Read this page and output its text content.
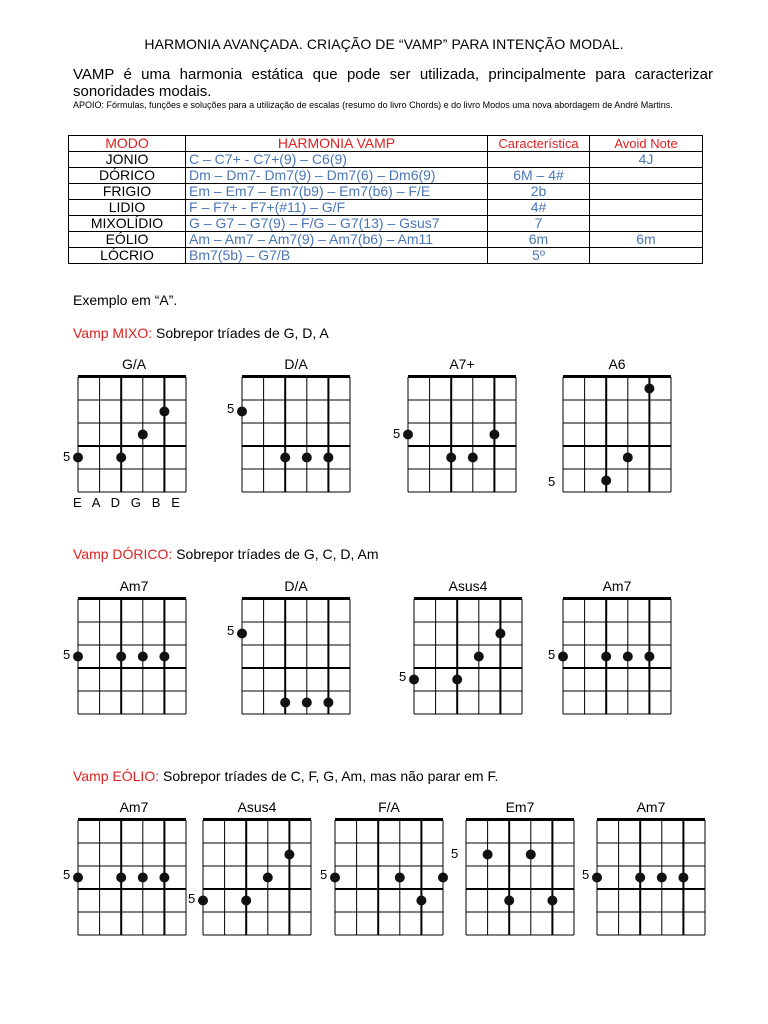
HARMONIA AVANÇADA. CRIAÇÃO DE “VAMP” PARA INTENÇÃO MODAL.
VAMP é uma harmonia estática que pode ser utilizada, principalmente para caracterizar sonoridades modais.
APOIO: Fórmulas, funções e soluções para a utilização de escalas (resumo do livro Chords) e do livro Modos uma nova abordagem de André Martins.
MODO	HARMONIA VAMP	Característica	Avoid Note
JONIO	C – C7+ - C7+(9) – C6(9)		4J
DÓRICO	Dm – Dm7- Dm7(9) – Dm7(6) – Dm6(9)	6M – 4#	
FRIGIO	Em – Em7 – Em7(b9) – Em7(b6) – F/E	2b	
LIDIO	F – F7+ - F7+(#11) – G/F	4#	
MIXOLÍDIO	G – G7 – G7(9) – F/G – G7(13) – Gsus7	7	
EÓLIO	Am – Am7 – Am7(9) – Am7(b6) – Am11	6m	6m
LÓCRIO	Bm7(5b) – G7/B	5º	
Exemplo em “A”.
Vamp MIXO: Sobrepor tríades de G, D, A
Vamp DÓRICO: Sobrepor tríades de G, C, D, Am
Vamp EÓLIO: Sobrepor tríades de C, F, G, Am, mas não parar em F.
E   A   D   G   B   E
G/A
5
D/A
5
A7+
5
A6
5
Am7
5
D/A
5
Asus4
5
Am7
5
Am7
5
Asus4
5
F/A
5
Em7
5
Am7
5
